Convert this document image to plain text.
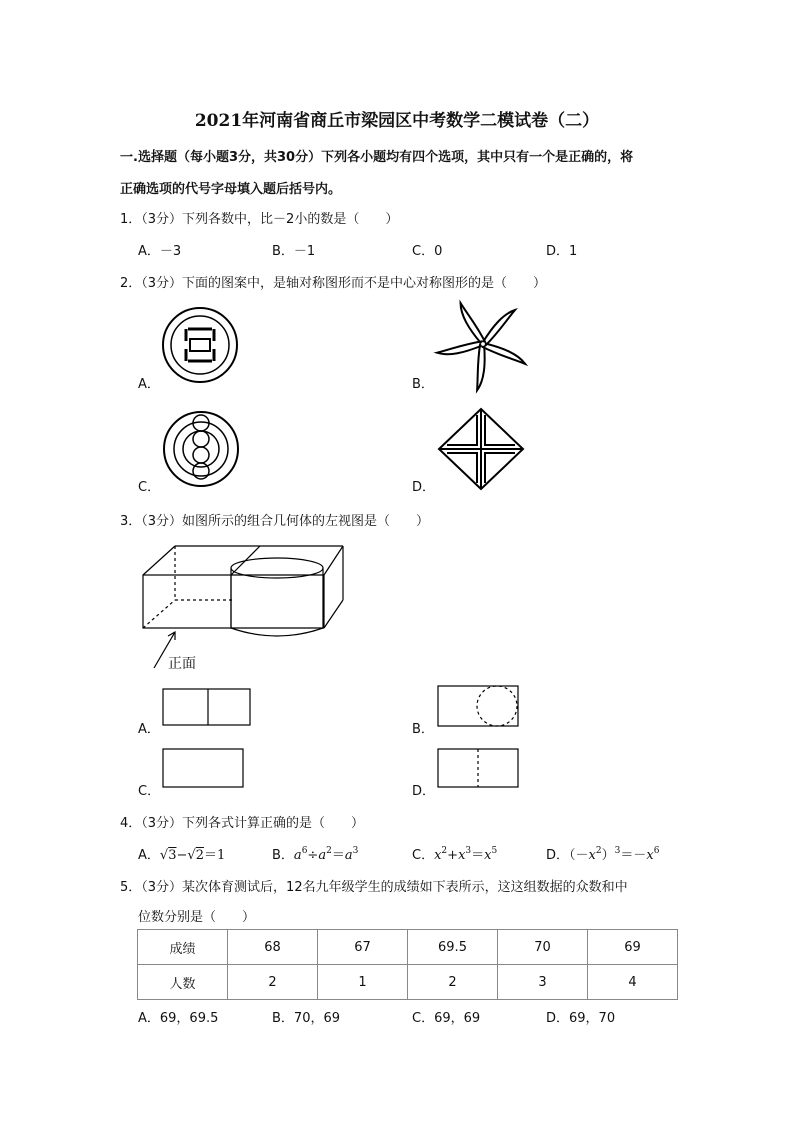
2021年河南省商丘市梁园区中考数学二模试卷（二）
一.选择题（每小题3分，共30分）下列各小题均有四个选项，其中只有一个是正确的，将
正确选项的代号字母填入题后括号内。
1．（3分）下列各数中，比－2小的数是（　　）
A．－3	B．－1	C．0	D．1
2．（3分）下面的图案中，是轴对称图形而不是中心对称图形的是（　　）
A．	B．
C．	D．
3．（3分）如图所示的组合几何体的左视图是（　　）
正面
A．	B．
C．	D．
4．（3分）下列各式计算正确的是（　　）
A．√3−√2＝1	B．$a^6\div a^2=a^3$	C．$x^2+x^3=x^5$	D．$(-x^2)^3=-x^6$
5．（3分）某次体育测试后，12名九年级学生的成绩如下表所示，这这组数据的众数和中
位数分别是（　　）
成绩	68	67	69.5	70	69
人数	2	1	2	3	4
A．69，69.5	B．70，69	C．69，69	D．69，70
